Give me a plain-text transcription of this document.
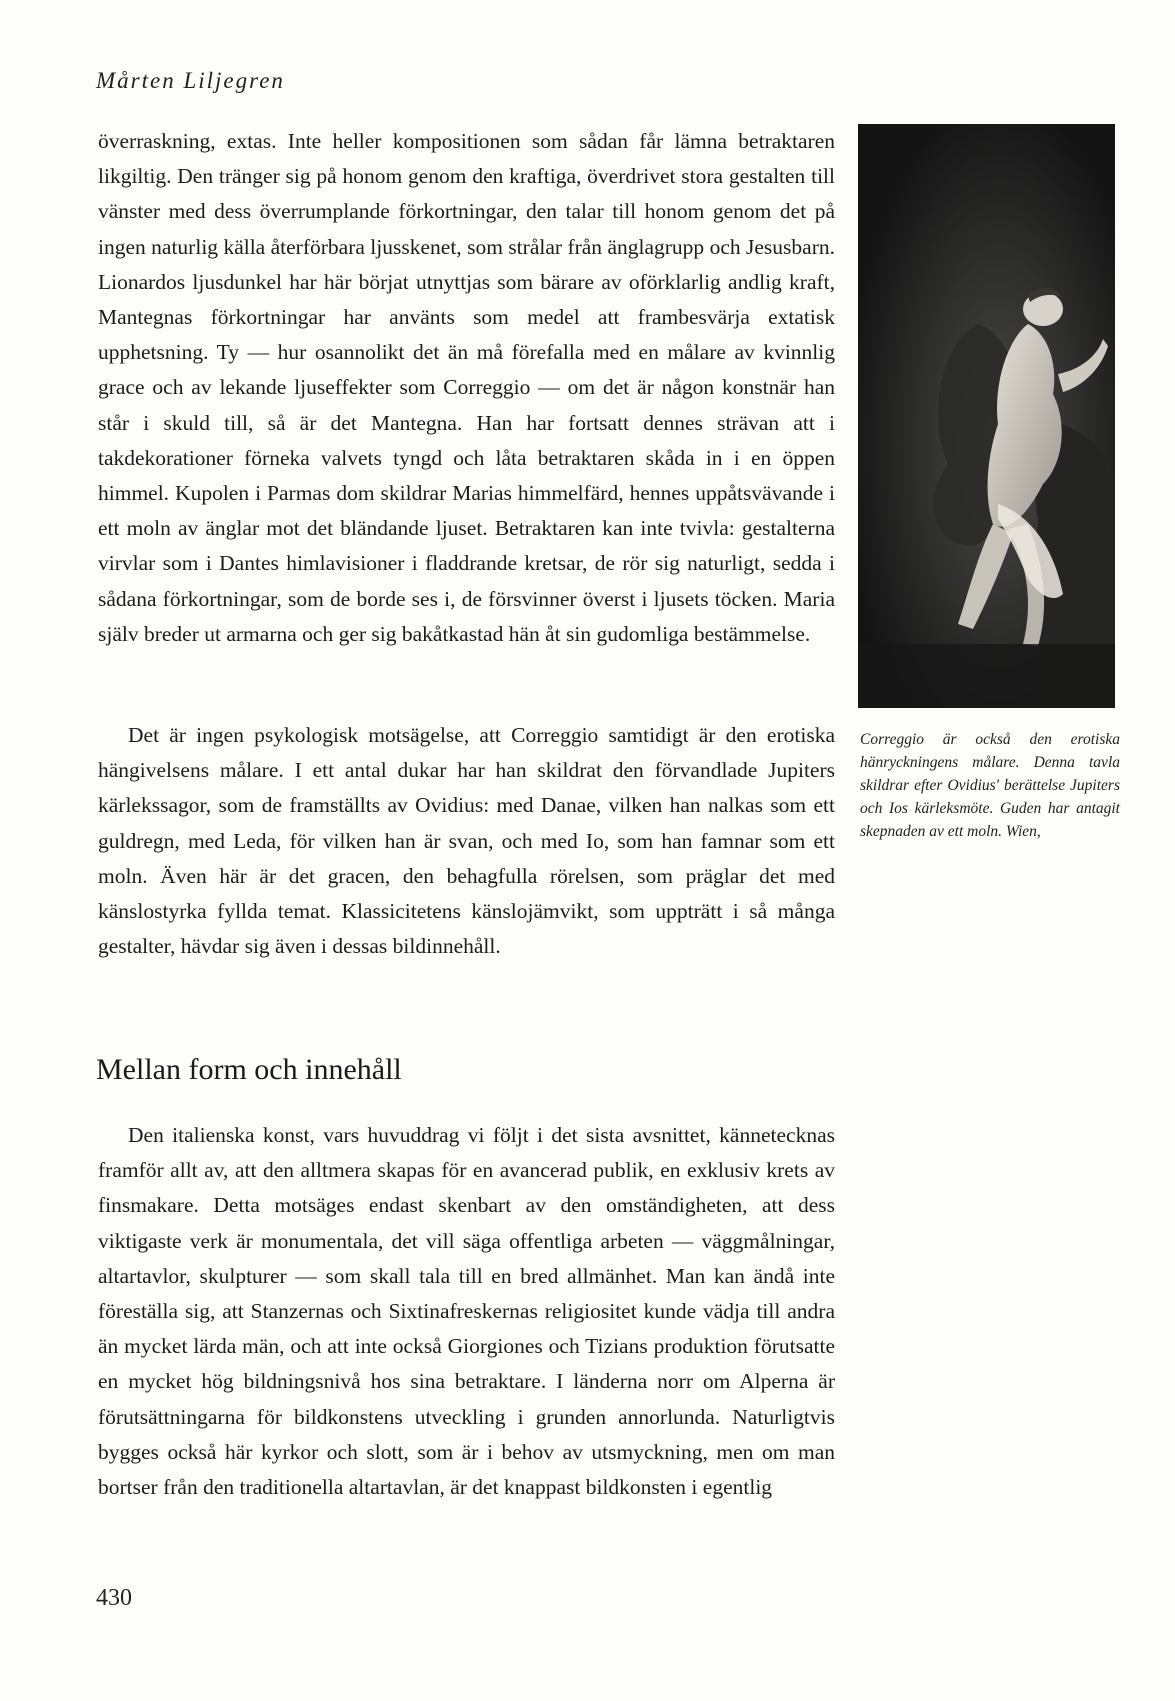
Mårten Liljegren
överraskning, extas. Inte heller kompositionen som sådan får lämna betraktaren likgiltig. Den tränger sig på honom genom den kraftiga, överdrivet stora gestalten till vänster med dess överrumplande förkortningar, den talar till honom genom det på ingen naturlig källa återförbara ljusskenet, som strålar från änglagrupp och Jesusbarn. Lionardos ljusdunkel har här börjat utnyttjas som bärare av oförklarlig andlig kraft, Mantegnas förkortningar har använts som medel att frambesvärja extatisk upphetsning. Ty — hur osannolikt det än må förefalla med en målare av kvinnlig grace och av lekande ljuseffekter som Correggio — om det är någon konstnär han står i skuld till, så är det Mantegna. Han har fortsatt dennes strävan att i takdekorationer förneka valvets tyngd och låta betraktaren skåda in i en öppen himmel. Kupolen i Parmas dom skildrar Marias himmelfärd, hennes uppåtsvävande i ett moln av änglar mot det bländande ljuset. Betraktaren kan inte tvivla: gestalterna virvlar som i Dantes himlavisioner i fladdrande kretsar, de rör sig naturligt, sedda i sådana förkortningar, som de borde ses i, de försvinner överst i ljusets töcken. Maria själv breder ut armarna och ger sig bakåtkastad hän åt sin gudomliga bestämmelse.
Correggio är också den erotiska hänryckningens målare. Denna tavla skildrar efter Ovidius' berättelse Jupiters och Ios kärleksmöte. Guden har antagit skepnaden av ett moln. Wien,
Det är ingen psykologisk motsägelse, att Correggio samtidigt är den erotiska hängivelsens målare. I ett antal dukar har han skildrat den förvandlade Jupiters kärlekssagor, som de framställts av Ovidius: med Danae, vilken han nalkas som ett guldregn, med Leda, för vilken han är svan, och med Io, som han famnar som ett moln. Även här är det gracen, den behagfulla rörelsen, som präglar det med känslostyrka fyllda temat. Klassicitetens känslojämvikt, som uppträtt i så många gestalter, hävdar sig även i dessas bildinnehåll.
Mellan form och innehåll
Den italienska konst, vars huvuddrag vi följt i det sista avsnittet, kännetecknas framför allt av, att den alltmera skapas för en avancerad publik, en exklusiv krets av finsmakare. Detta motsäges endast skenbart av den omständigheten, att dess viktigaste verk är monumentala, det vill säga offentliga arbeten — väggmålningar, altartavlor, skulpturer — som skall tala till en bred allmänhet. Man kan ändå inte föreställa sig, att Stanzernas och Sixtinafreskernas religiositet kunde vädja till andra än mycket lärda män, och att inte också Giorgiones och Tizians produktion förutsatte en mycket hög bildningsnivå hos sina betraktare. I länderna norr om Alperna är förutsättningarna för bildkonstens utveckling i grunden annorlunda. Naturligtvis bygges också här kyrkor och slott, som är i behov av utsmyckning, men om man bortser från den traditionella altartavlan, är det knappast bildkonsten i egentlig
430
